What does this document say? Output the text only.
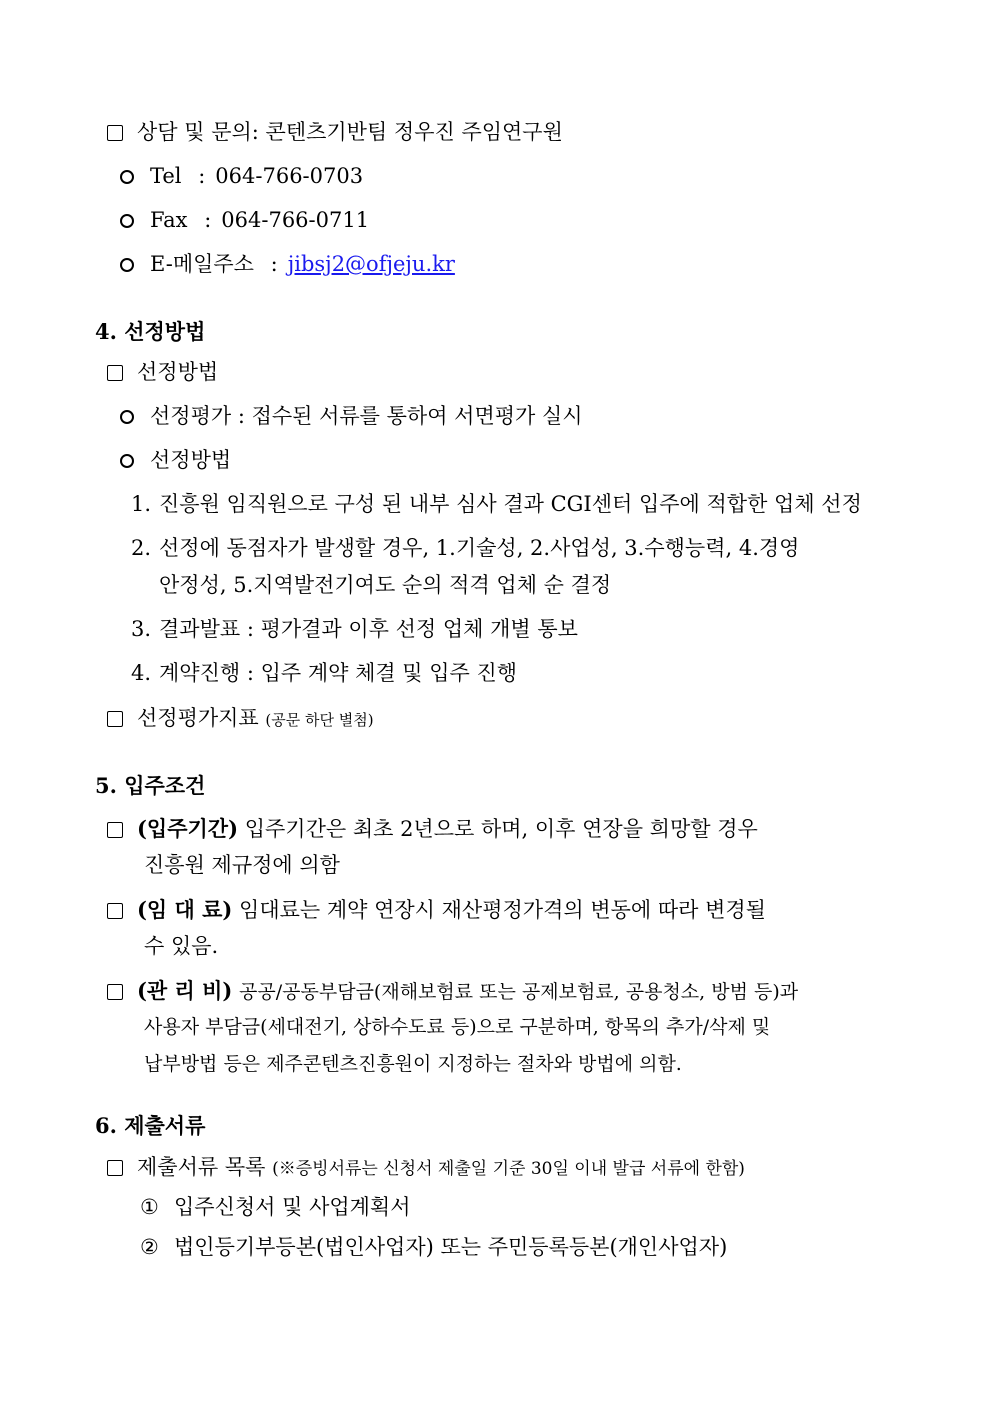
상담 및 문의: 콘텐츠기반팀 정우진 주임연구원
Tel : 064-766-0703
Fax : 064-766-0711
E-메일주소 : jibsj2@ofjeju.kr
4. 선정방법
선정방법
선정평가 : 접수된 서류를 통하여 서면평가 실시
선정방법
1. 진흥원 임직원으로 구성 된 내부 심사 결과 CGI센터 입주에 적합한 업체 선정
2. 선정에 동점자가 발생할 경우, 1.기술성, 2.사업성, 3.수행능력, 4.경영
안정성, 5.지역발전기여도 순의 적격 업체 순 결정
3. 결과발표 : 평가결과 이후 선정 업체 개별 통보
4. 계약진행 : 입주 계약 체결 및 입주 진행
선정평가지표 (공문 하단 별첨)
5. 입주조건
(입주기간) 입주기간은 최초 2년으로 하며, 이후 연장을 희망할 경우
진흥원 제규정에 의함
(임 대 료) 임대료는 계약 연장시 재산평정가격의 변동에 따라 변경될
수 있음.
(관 리 비) 공공/공동부담금(재해보험료 또는 공제보험료, 공용청소, 방범 등)과
사용자 부담금(세대전기, 상하수도료 등)으로 구분하며, 항목의 추가/삭제 및
납부방법 등은 제주콘텐츠진흥원이 지정하는 절차와 방법에 의함.
6. 제출서류
제출서류 목록 (※증빙서류는 신청서 제출일 기준 30일 이내 발급 서류에 한함)
① 입주신청서 및 사업계획서
② 법인등기부등본(법인사업자) 또는 주민등록등본(개인사업자)
